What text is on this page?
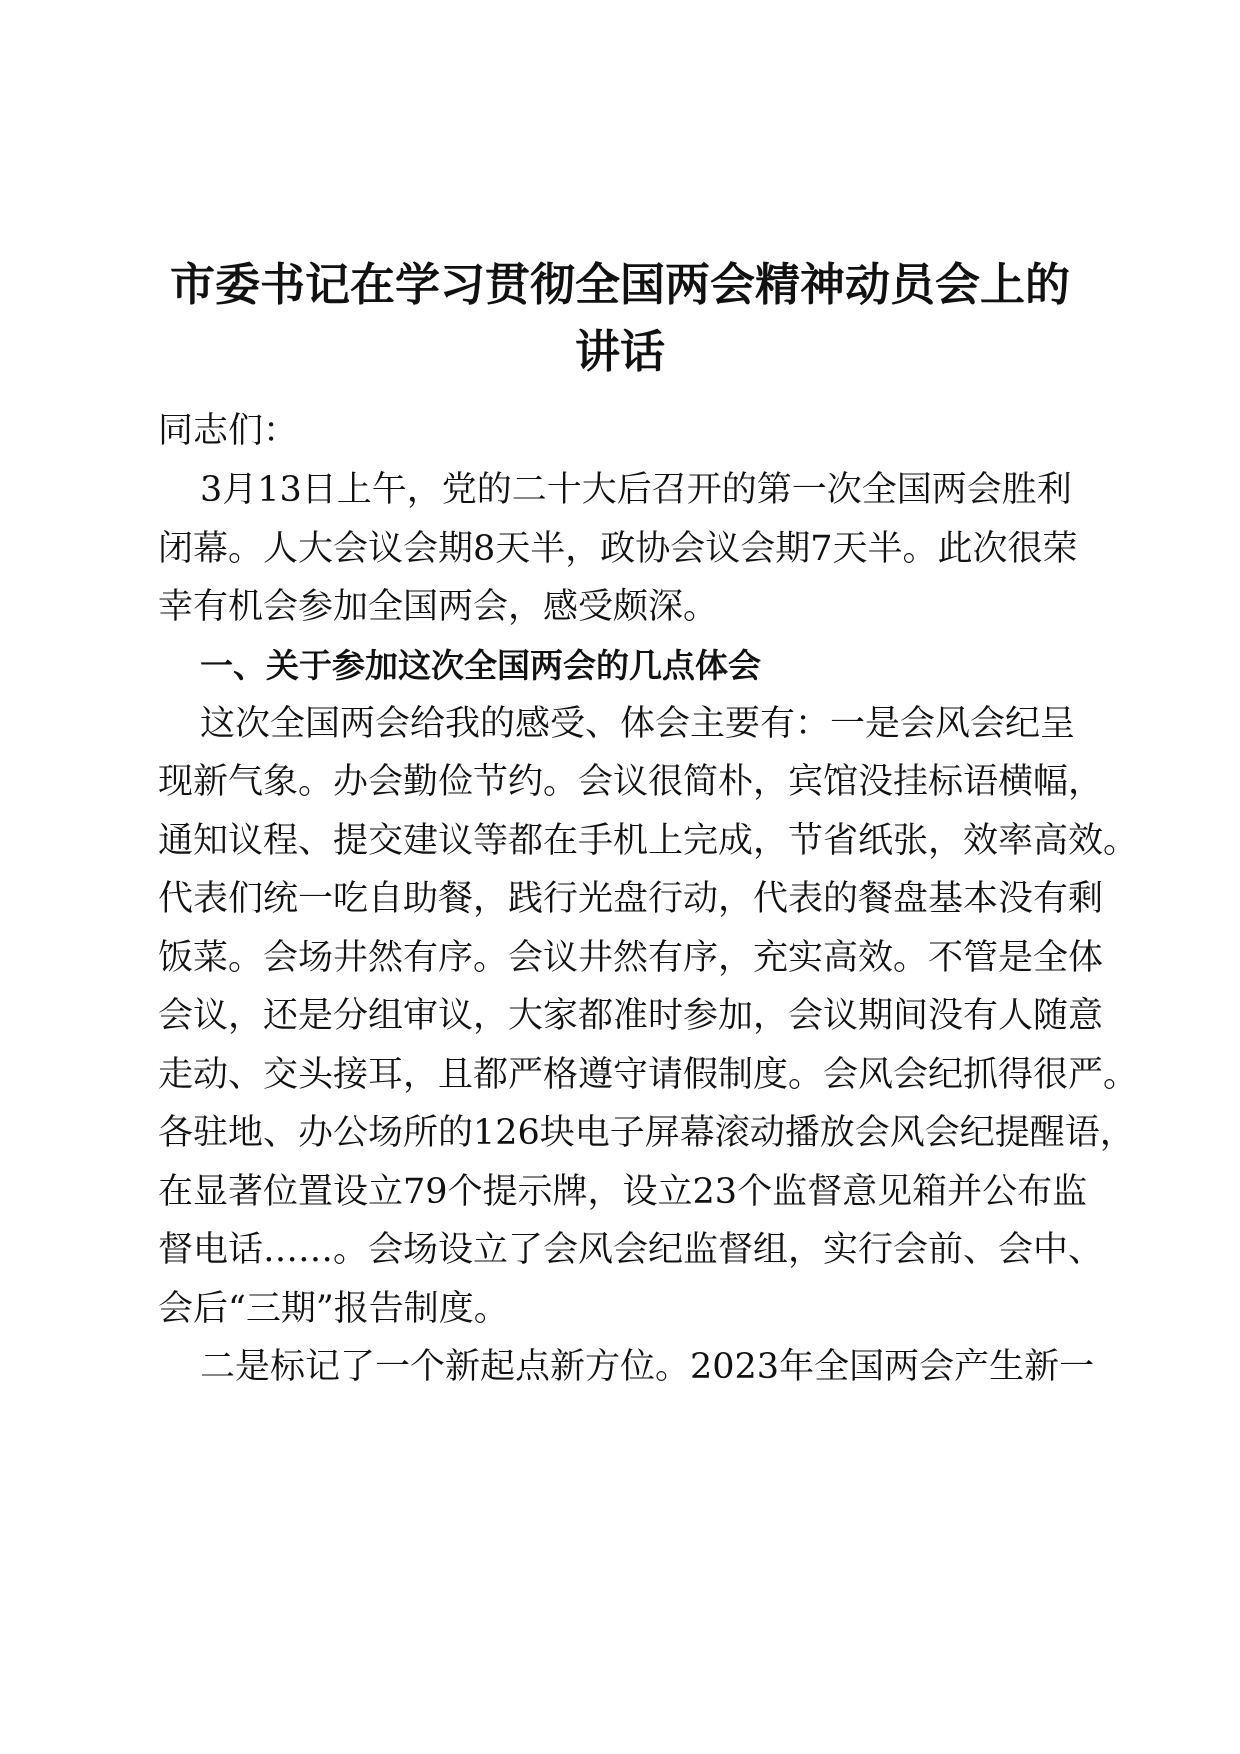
市委书记在学习贯彻全国两会精神动员会上的
讲话
同志们：
3月13日上午，党的二十大后召开的第一次全国两会胜利
闭幕。人大会议会期8天半，政协会议会期7天半。此次很荣
幸有机会参加全国两会，感受颇深。
一、关于参加这次全国两会的几点体会
这次全国两会给我的感受、体会主要有：一是会风会纪呈
现新气象。办会勤俭节约。会议很简朴，宾馆没挂标语横幅，
通知议程、提交建议等都在手机上完成，节省纸张，效率高效。
代表们统一吃自助餐，践行光盘行动，代表的餐盘基本没有剩
饭菜。会场井然有序。会议井然有序，充实高效。不管是全体
会议，还是分组审议，大家都准时参加，会议期间没有人随意
走动、交头接耳，且都严格遵守请假制度。会风会纪抓得很严。
各驻地、办公场所的126块电子屏幕滚动播放会风会纪提醒语，
在显著位置设立79个提示牌，设立23个监督意见箱并公布监
督电话……。会场设立了会风会纪监督组，实行会前、会中、
会后“三期”报告制度。
二是标记了一个新起点新方位。2023年全国两会产生新一
